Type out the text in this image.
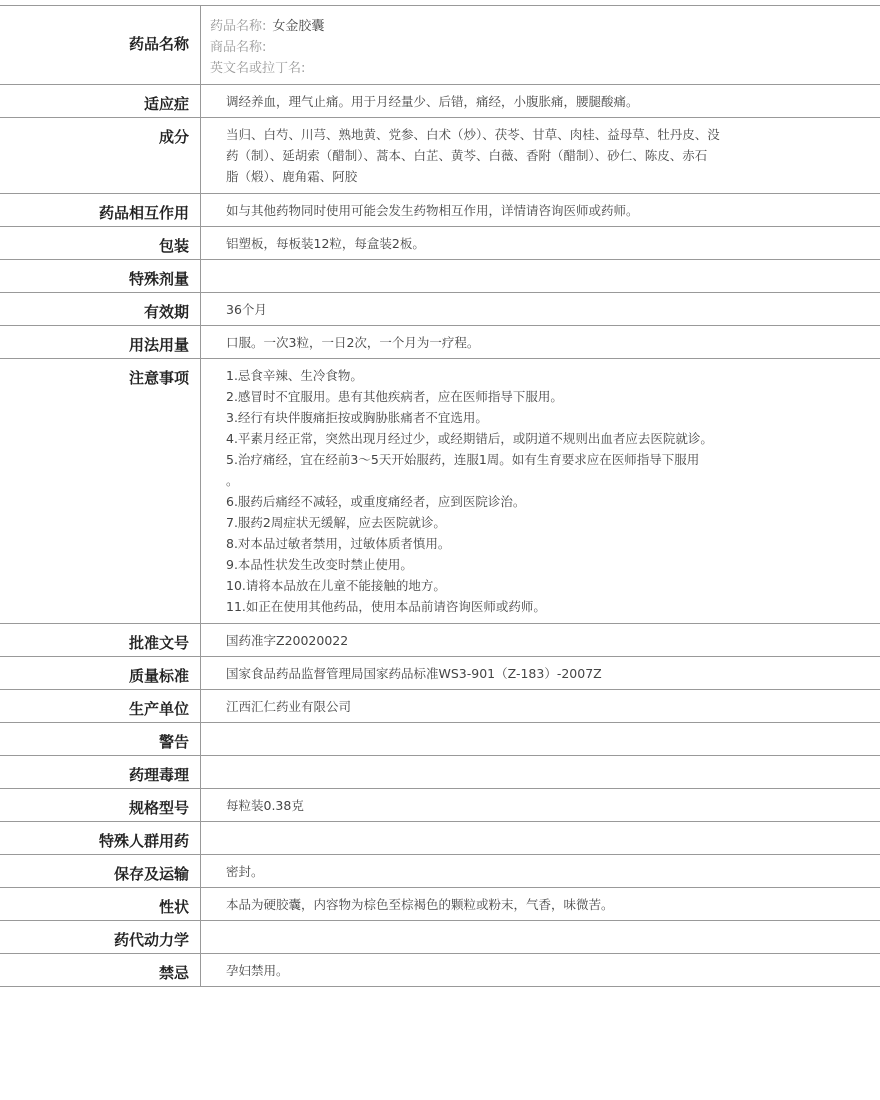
药品名称
药品名称: 女金胶囊
商品名称:
英文名或拉丁名:
适应症	调经养血，理气止痛。用于月经量少、后错，痛经，小腹胀痛，腰腿酸痛。
成分	当归、白芍、川芎、熟地黄、党参、白术（炒）、茯苓、甘草、肉桂、益母草、牡丹皮、没
药（制）、延胡索（醋制）、蒿本、白芷、黄芩、白薇、香附（醋制）、砂仁、陈皮、赤石
脂（煅）、鹿角霜、阿胶
药品相互作用	如与其他药物同时使用可能会发生药物相互作用，详情请咨询医师或药师。
包装	铝塑板，每板装12粒，每盒装2板。
特殊剂量
有效期	36个月
用法用量	口服。一次3粒，一日2次，一个月为一疗程。
注意事项	1.忌食辛辣、生冷食物。
2.感冒时不宜服用。患有其他疾病者，应在医师指导下服用。
3.经行有块伴腹痛拒按或胸胁胀痛者不宜选用。
4.平素月经正常，突然出现月经过少，或经期错后，或阴道不规则出血者应去医院就诊。
5.治疗痛经，宜在经前3～5天开始服药，连服1周。如有生育要求应在医师指导下服用
。
6.服药后痛经不减轻，或重度痛经者，应到医院诊治。
7.服药2周症状无缓解，应去医院就诊。
8.对本品过敏者禁用，过敏体质者慎用。
9.本品性状发生改变时禁止使用。
10.请将本品放在儿童不能接触的地方。
11.如正在使用其他药品，使用本品前请咨询医师或药师。
批准文号	国药准字Z20020022
质量标准	国家食品药品监督管理局国家药品标准WS3-901（Z-183）-2007Z
生产单位	江西汇仁药业有限公司
警告
药理毒理
规格型号	每粒装0.38克
特殊人群用药
保存及运输	密封。
性状	本品为硬胶囊，内容物为棕色至棕褐色的颗粒或粉末，气香，味微苦。
药代动力学
禁忌	孕妇禁用。
